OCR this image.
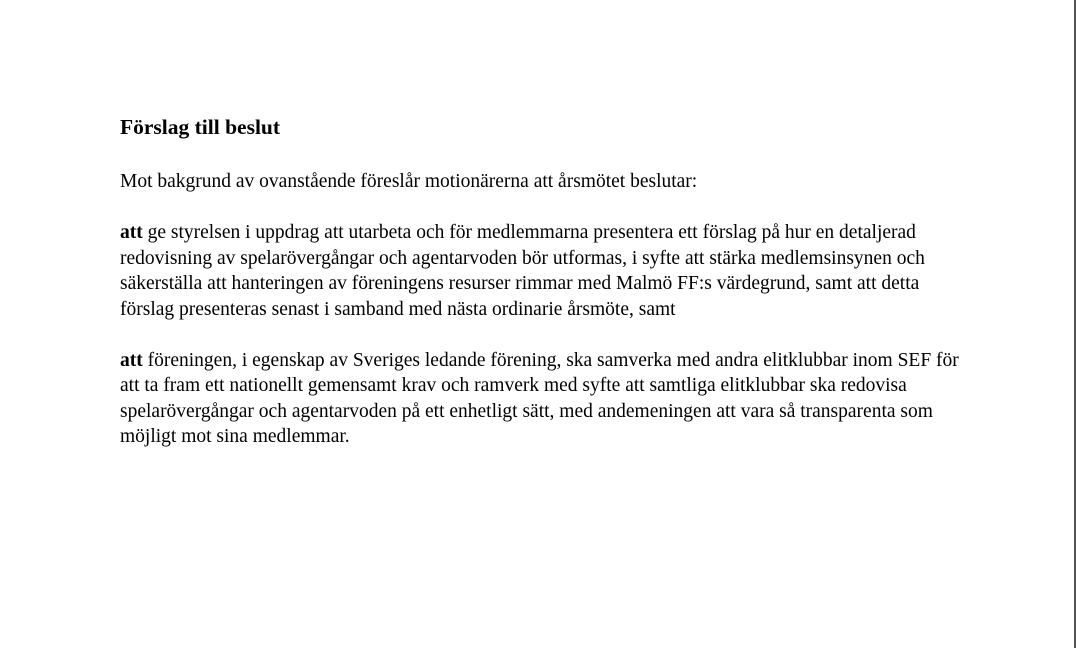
Förslag till beslut

Mot bakgrund av ovanstående föreslår motionärerna att årsmötet beslutar:

att ge styrelsen i uppdrag att utarbeta och för medlemmarna presentera ett förslag på hur en detaljerad redovisning av spelarövergångar och agentarvoden bör utformas, i syfte att stärka medlemsinsynen och säkerställa att hanteringen av föreningens resurser rimmar med Malmö FF:s värdegrund, samt att detta förslag presenteras senast i samband med nästa ordinarie årsmöte, samt

att föreningen, i egenskap av Sveriges ledande förening, ska samverka med andra elitklubbar inom SEF för att ta fram ett nationellt gemensamt krav och ramverk med syfte att samtliga elitklubbar ska redovisa spelarövergångar och agentarvoden på ett enhetligt sätt, med andemeningen att vara så transparenta som möjligt mot sina medlemmar.
